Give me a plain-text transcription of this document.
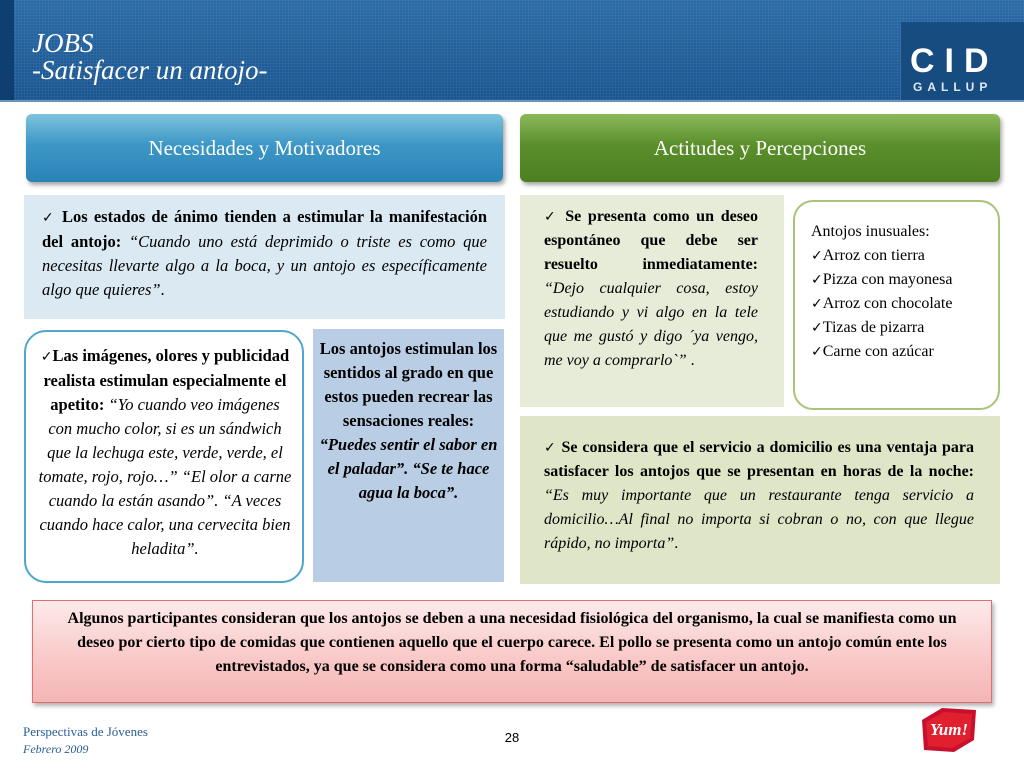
JOBS
-Satisfacer un antojo-	CID
GALLUP
Necesidades y Motivadores	Actitudes y Percepciones
✓ Los estados de ánimo tienden a estimular la manifestación del antojo: “Cuando uno está deprimido o triste es como que necesitas llevarte algo a la boca, y un antojo es específicamente algo que quieres”.
✓Las imágenes, olores y publicidad realista estimulan especialmente el apetito: “Yo cuando veo imágenes con mucho color, si es un sándwich que la lechuga este, verde, verde, el tomate, rojo, rojo…” “El olor a carne cuando la están asando”. “A veces cuando hace calor, una cervecita bien heladita”.
Los antojos estimulan los sentidos al grado en que estos pueden recrear las sensaciones reales: “Puedes sentir el sabor en el paladar”. “Se te hace agua la boca”.
✓ Se presenta como un deseo espontáneo que debe ser resuelto inmediatamente: “Dejo cualquier cosa, estoy estudiando y vi algo en la tele que me gustó y digo ´ya vengo, me voy a comprarlo`” .
Antojos inusuales:
✓Arroz con tierra
✓Pizza con mayonesa
✓Arroz con chocolate
✓Tizas de pizarra
✓Carne con azúcar
✓ Se considera que el servicio a domicilio es una ventaja para satisfacer los antojos que se presentan en horas de la noche: “Es muy importante que un restaurante tenga servicio a domicilio…Al final no importa si cobran o no, con que llegue rápido, no importa”.
Algunos participantes consideran que los antojos se deben a una necesidad fisiológica del organismo, la cual se manifiesta como un deseo por cierto tipo de comidas que contienen aquello que el cuerpo carece. El pollo se presenta como un antojo común ente los entrevistados, ya que se considera como una forma “saludable” de satisfacer un antojo.
Perspectivas de Jóvenes
Febrero 2009
28	Yum!
